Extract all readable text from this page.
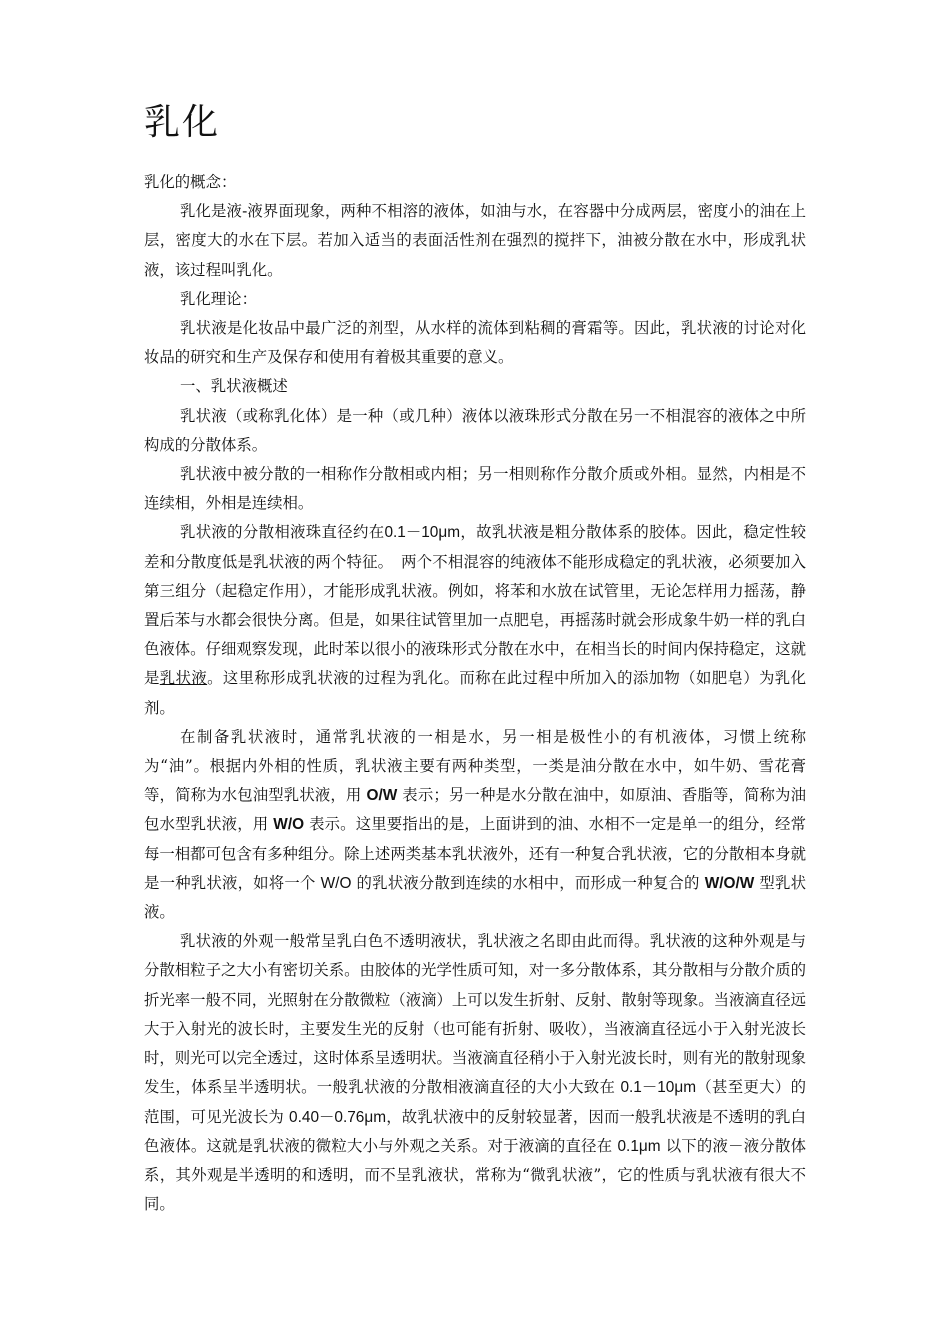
乳化

乳化的概念：

乳化是液-液界面现象，两种不相溶的液体，如油与水，在容器中分成两层，密度小的油在上层，密度大的水在下层。若加入适当的表面活性剂在强烈的搅拌下，油被分散在水中，形成乳状液，该过程叫乳化。

乳化理论：

乳状液是化妆品中最广泛的剂型，从水样的流体到粘稠的膏霜等。因此，乳状液的讨论对化妆品的研究和生产及保存和使用有着极其重要的意义。

一、乳状液概述

乳状液（或称乳化体）是一种（或几种）液体以液珠形式分散在另一不相混容的液体之中所构成的分散体系。

乳状液中被分散的一相称作分散相或内相；另一相则称作分散介质或外相。显然，内相是不连续相，外相是连续相。

乳状液的分散相液珠直径约在0.1－10μm，故乳状液是粗分散体系的胶体。因此，稳定性较差和分散度低是乳状液的两个特征。　两个不相混容的纯液体不能形成稳定的乳状液，必须要加入第三组分（起稳定作用），才能形成乳状液。例如，将苯和水放在试管里，无论怎样用力摇荡，静置后苯与水都会很快分离。但是，如果往试管里加一点肥皂，再摇荡时就会形成象牛奶一样的乳白色液体。仔细观察发现，此时苯以很小的液珠形式分散在水中，在相当长的时间内保持稳定，这就是乳状液。这里称形成乳状液的过程为乳化。而称在此过程中所加入的添加物（如肥皂）为乳化剂。

在制备乳状液时，通常乳状液的一相是水，另一相是极性小的有机液体，习惯上统称为“油”。根据内外相的性质，乳状液主要有两种类型，一类是油分散在水中，如牛奶、雪花膏等，简称为水包油型乳状液，用 O/W 表示；另一种是水分散在油中，如原油、香脂等，简称为油包水型乳状液，用 W/O 表示。这里要指出的是，上面讲到的油、水相不一定是单一的组分，经常每一相都可包含有多种组分。除上述两类基本乳状液外，还有一种复合乳状液，它的分散相本身就是一种乳状液，如将一个 W/O 的乳状液分散到连续的水相中，而形成一种复合的 W/O/W 型乳状液。

乳状液的外观一般常呈乳白色不透明液状，乳状液之名即由此而得。乳状液的这种外观是与分散相粒子之大小有密切关系。由胶体的光学性质可知，对一多分散体系，其分散相与分散介质的折光率一般不同，光照射在分散微粒（液滴）上可以发生折射、反射、散射等现象。当液滴直径远大于入射光的波长时，主要发生光的反射（也可能有折射、吸收），当液滴直径远小于入射光波长时，则光可以完全透过，这时体系呈透明状。当液滴直径稍小于入射光波长时，则有光的散射现象发生，体系呈半透明状。一般乳状液的分散相液滴直径的大小大致在 0.1－10μm（甚至更大）的范围，可见光波长为 0.40－0.76μm，故乳状液中的反射较显著，因而一般乳状液是不透明的乳白色液体。这就是乳状液的微粒大小与外观之关系。对于液滴的直径在 0.1μm 以下的液－液分散体系，其外观是半透明的和透明，而不呈乳液状，常称为“微乳状液”，它的性质与乳状液有很大不同。
